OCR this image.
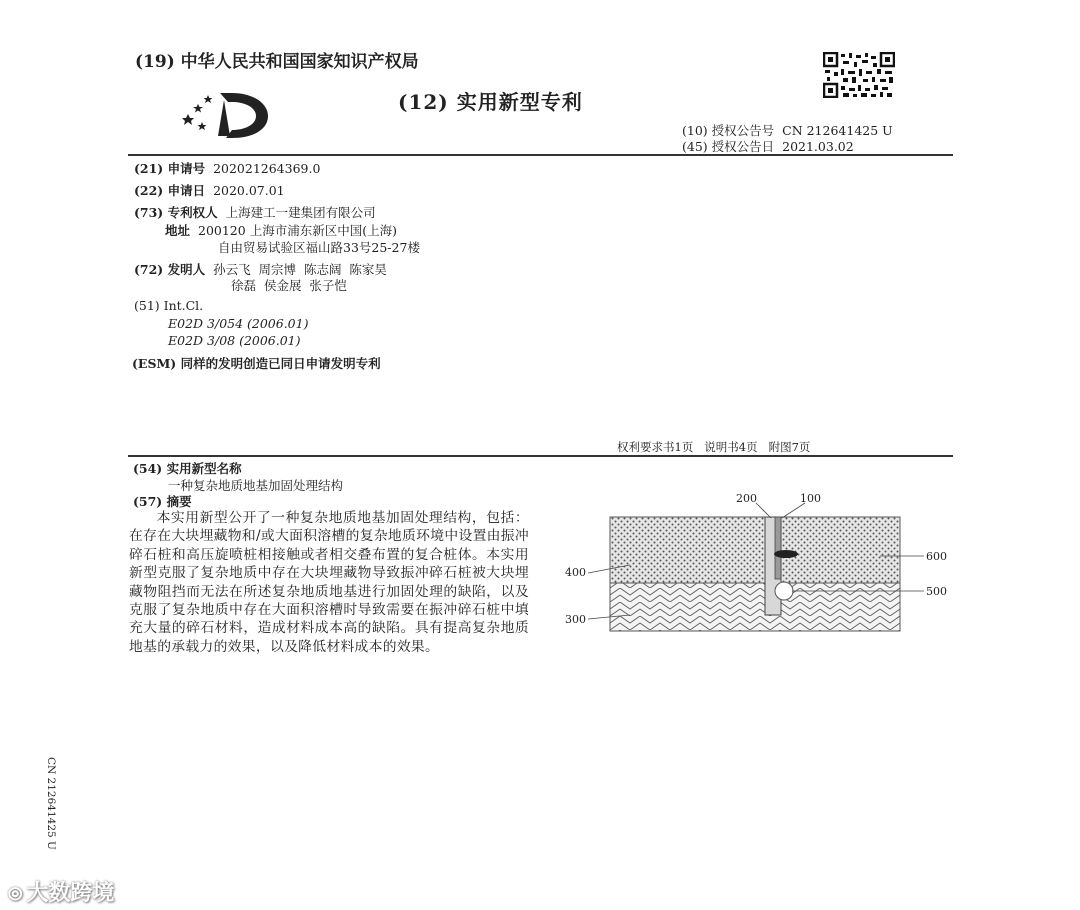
(19) 中华人民共和国国家知识产权局
(12) 实用新型专利
(10) 授权公告号 CN 212641425 U
(45) 授权公告日 2021.03.02
(21) 申请号 202021264369.0
(22) 申请日 2020.07.01
(73) 专利权人 上海建工一建集团有限公司
地址 200120 上海市浦东新区中国(上海)
自由贸易试验区福山路33号25-27楼
(72) 发明人 孙云飞  周宗博  陈志阔  陈家昊
徐磊  侯金展  张子恺
(51) Int.Cl.
E02D 3/054 (2006.01)
E02D 3/08 (2006.01)
(ESM) 同样的发明创造已同日申请发明专利
权利要求书1页   说明书4页   附图7页
(54) 实用新型名称
一种复杂地质地基加固处理结构
(57) 摘要
本实用新型公开了一种复杂地质地基加固处理结构，包括：在存在大块埋藏物和/或大面积溶槽的复杂地质环境中设置由振冲碎石桩和高压旋喷桩相接触或者相交叠布置的复合桩体。本实用新型克服了复杂地质中存在大块埋藏物导致振冲碎石桩被大块埋藏物阻挡而无法在所述复杂地质地基进行加固处理的缺陷，以及克服了复杂地质中存在大面积溶槽时导致需要在振冲碎石桩中填充大量的碎石材料，造成材料成本高的缺陷。具有提高复杂地质地基的承载力的效果，以及降低材料成本的效果。
200	100
600
400
500
300
CN 212641425 U
⦾ 大数跨境
